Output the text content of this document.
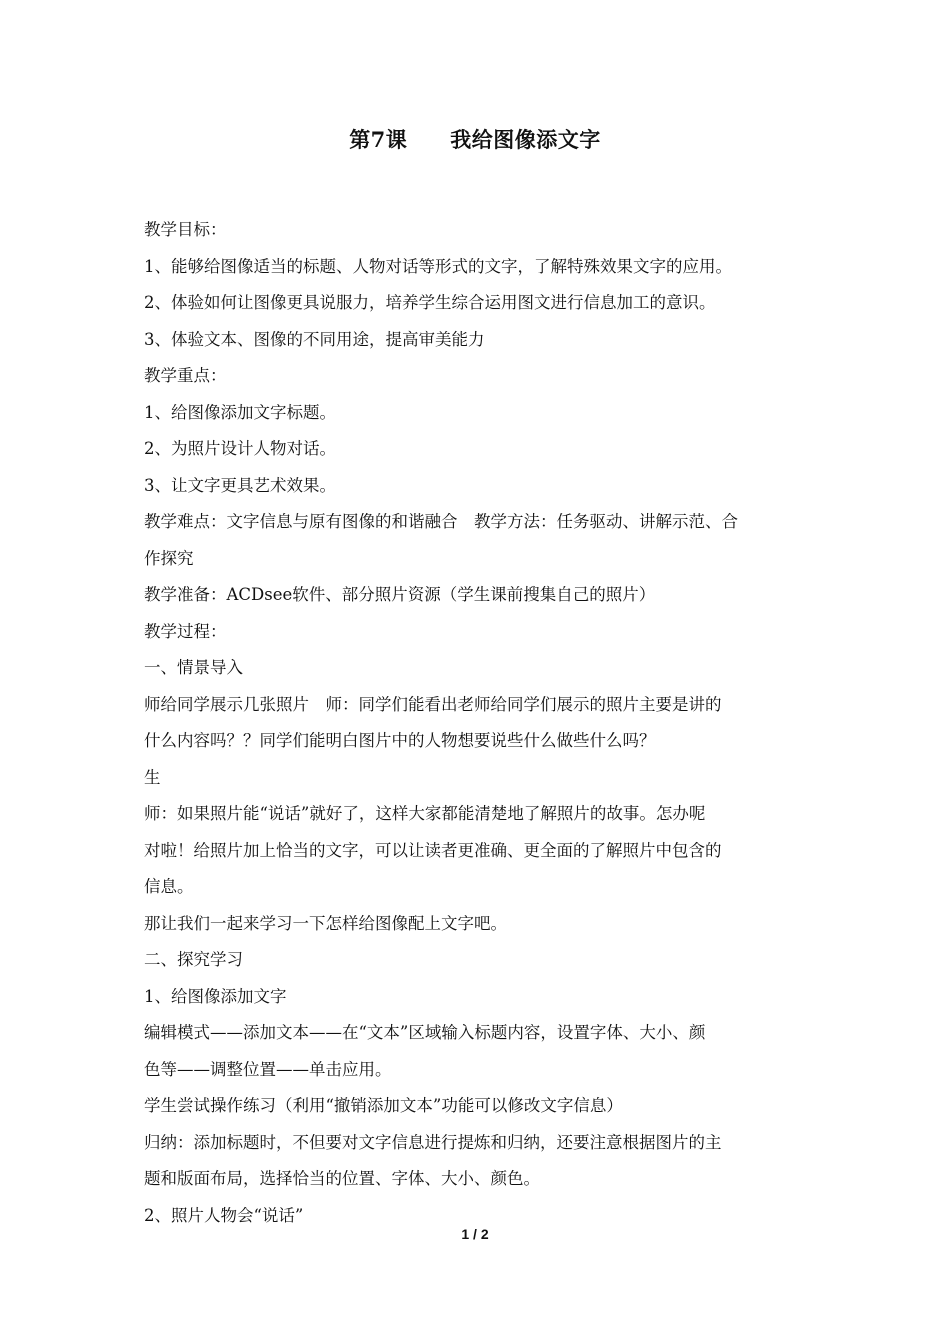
第7课　　我给图像添文字
教学目标：
1、能够给图像适当的标题、人物对话等形式的文字，了解特殊效果文字的应用。
2、体验如何让图像更具说服力，培养学生综合运用图文进行信息加工的意识。
3、体验文本、图像的不同用途，提高审美能力
教学重点：
1、给图像添加文字标题。
2、为照片设计人物对话。
3、让文字更具艺术效果。
教学难点：文字信息与原有图像的和谐融合　教学方法：任务驱动、讲解示范、合
作探究
教学准备：ACDsee软件、部分照片资源（学生课前搜集自己的照片）
教学过程：
一、情景导入
师给同学展示几张照片　师：同学们能看出老师给同学们展示的照片主要是讲的
什么内容吗？？同学们能明白图片中的人物想要说些什么做些什么吗？
生
师：如果照片能“说话”就好了，这样大家都能清楚地了解照片的故事。怎办呢
对啦！给照片加上恰当的文字，可以让读者更准确、更全面的了解照片中包含的
信息。
那让我们一起来学习一下怎样给图像配上文字吧。
二、探究学习
1、给图像添加文字
编辑模式——添加文本——在“文本”区域输入标题内容，设置字体、大小、颜
色等——调整位置——单击应用。
学生尝试操作练习（利用“撤销添加文本”功能可以修改文字信息）
归纳：添加标题时，不但要对文字信息进行提炼和归纳，还要注意根据图片的主
题和版面布局，选择恰当的位置、字体、大小、颜色。
2、照片人物会“说话”
1 / 2
